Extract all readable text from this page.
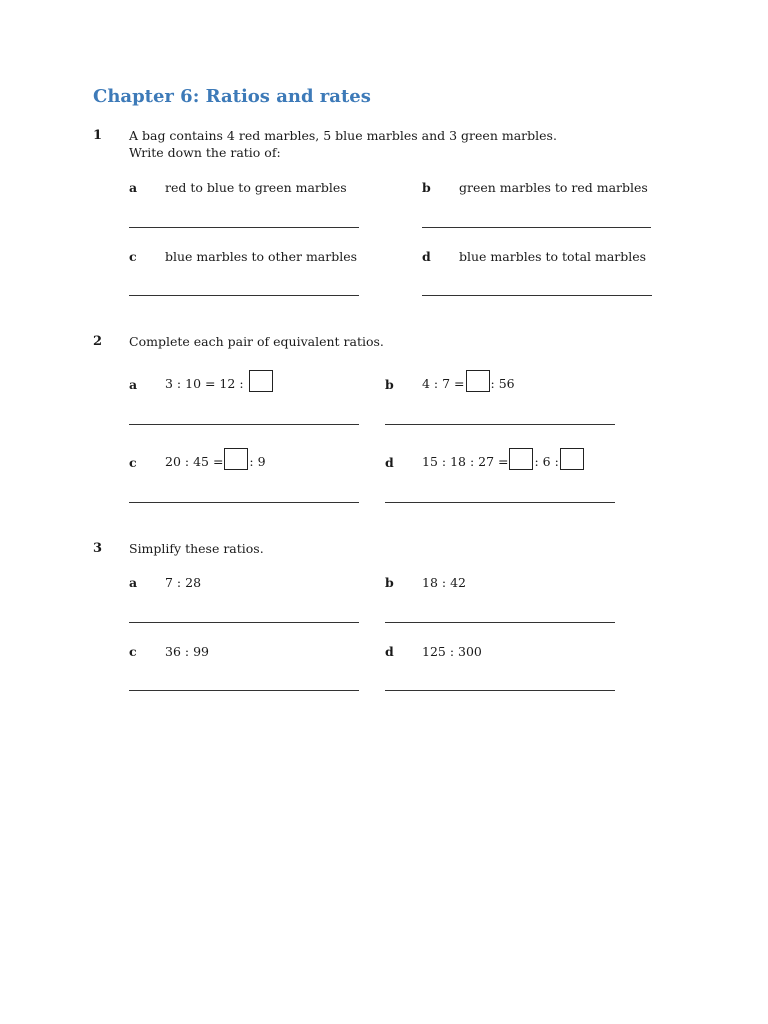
Chapter 6: Ratios and rates
1 A bag contains 4 red marbles, 5 blue marbles and 3 green marbles.
Write down the ratio of:
a red to blue to green marbles	b green marbles to red marbles
c blue marbles to other marbles	d blue marbles to total marbles
2 Complete each pair of equivalent ratios.
a 3 : 10 = 12 :	b 4 : 7 = : 56
c 20 : 45 = : 9	d 15 : 18 : 27 = : 6 :
3 Simplify these ratios.
a 7 : 28	b 18 : 42
c 36 : 99	d 125 : 300
